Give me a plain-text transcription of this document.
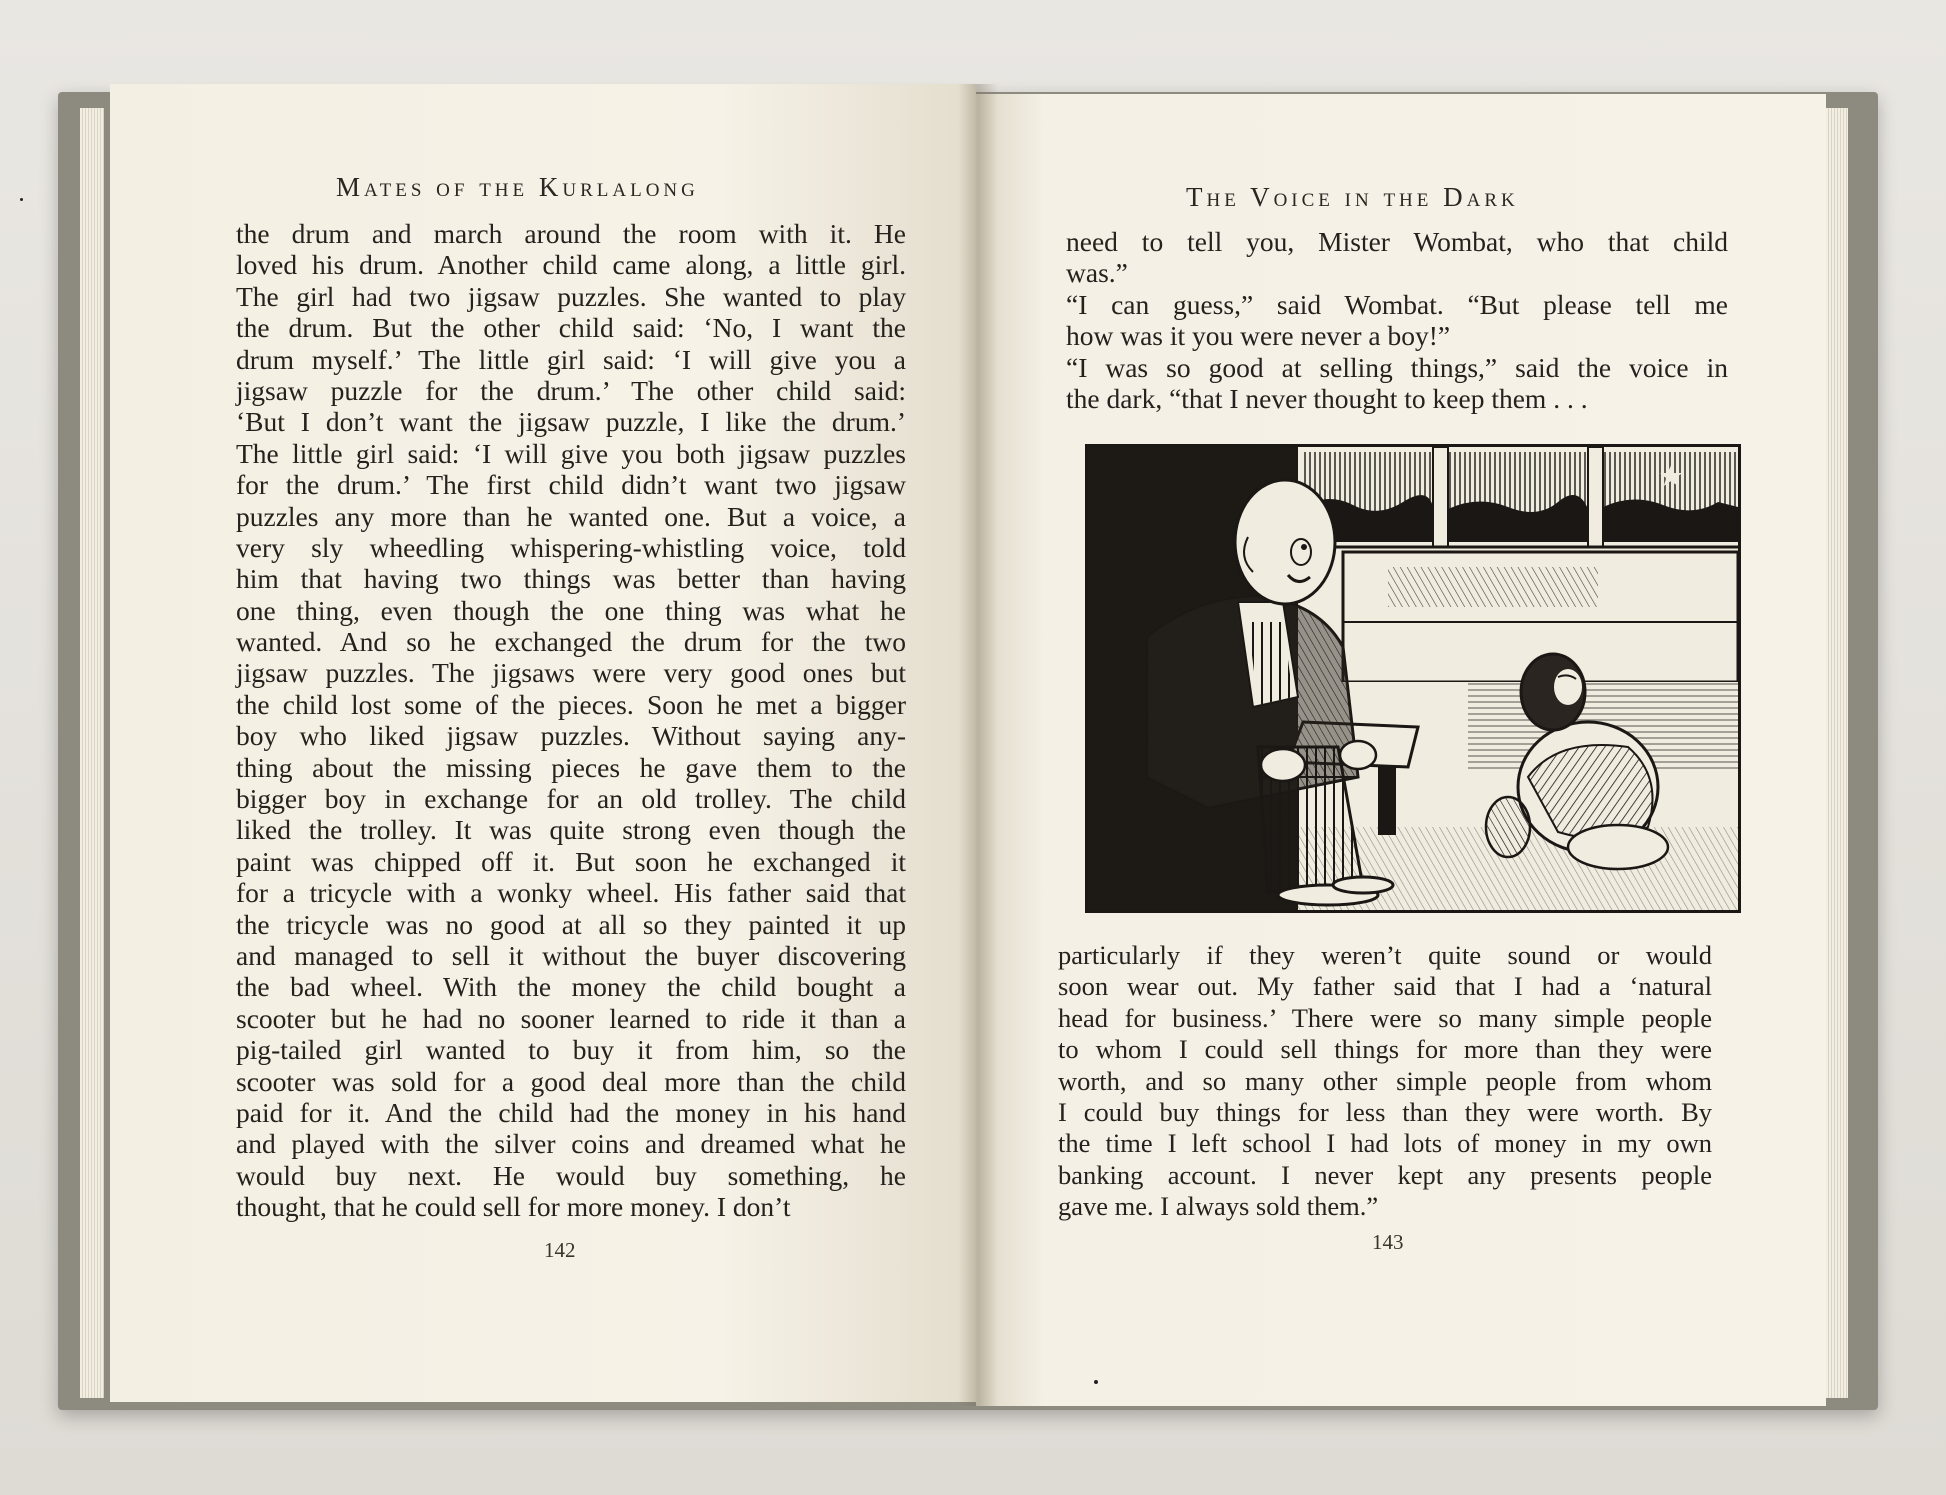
Mates of the Kurlalong
the drum and march around the room with it. He
loved his drum. Another child came along, a little girl.
The girl had two jigsaw puzzles. She wanted to play
the drum. But the other child said: ‘No, I want the
drum myself.’ The little girl said: ‘I will give you a
jigsaw puzzle for the drum.’ The other child said:
‘But I don’t want the jigsaw puzzle, I like the drum.’
The little girl said: ‘I will give you both jigsaw puzzles
for the drum.’ The first child didn’t want two jigsaw
puzzles any more than he wanted one. But a voice, a
very sly wheedling whispering-whistling voice, told
him that having two things was better than having
one thing, even though the one thing was what he
wanted. And so he exchanged the drum for the two
jigsaw puzzles. The jigsaws were very good ones but
the child lost some of the pieces. Soon he met a bigger
boy who liked jigsaw puzzles. Without saying any-
thing about the missing pieces he gave them to the
bigger boy in exchange for an old trolley. The child
liked the trolley. It was quite strong even though the
paint was chipped off it. But soon he exchanged it
for a tricycle with a wonky wheel. His father said that
the tricycle was no good at all so they painted it up
and managed to sell it without the buyer discovering
the bad wheel. With the money the child bought a
scooter but he had no sooner learned to ride it than a
pig-tailed girl wanted to buy it from him, so the
scooter was sold for a good deal more than the child
paid for it. And the child had the money in his hand
and played with the silver coins and dreamed what he
would buy next. He would buy something, he
thought, that he could sell for more money. I don’t
142
The Voice in the Dark
need to tell you, Mister Wombat, who that child
was.”
“I can guess,” said Wombat. “But please tell me
how was it you were never a boy!”
“I was so good at selling things,” said the voice in
the dark, “that I never thought to keep them . . .
particularly if they weren’t quite sound or would
soon wear out. My father said that I had a ‘natural
head for business.’ There were so many simple people
to whom I could sell things for more than they were
worth, and so many other simple people from whom
I could buy things for less than they were worth. By
the time I left school I had lots of money in my own
banking account. I never kept any presents people
gave me. I always sold them.”
143
